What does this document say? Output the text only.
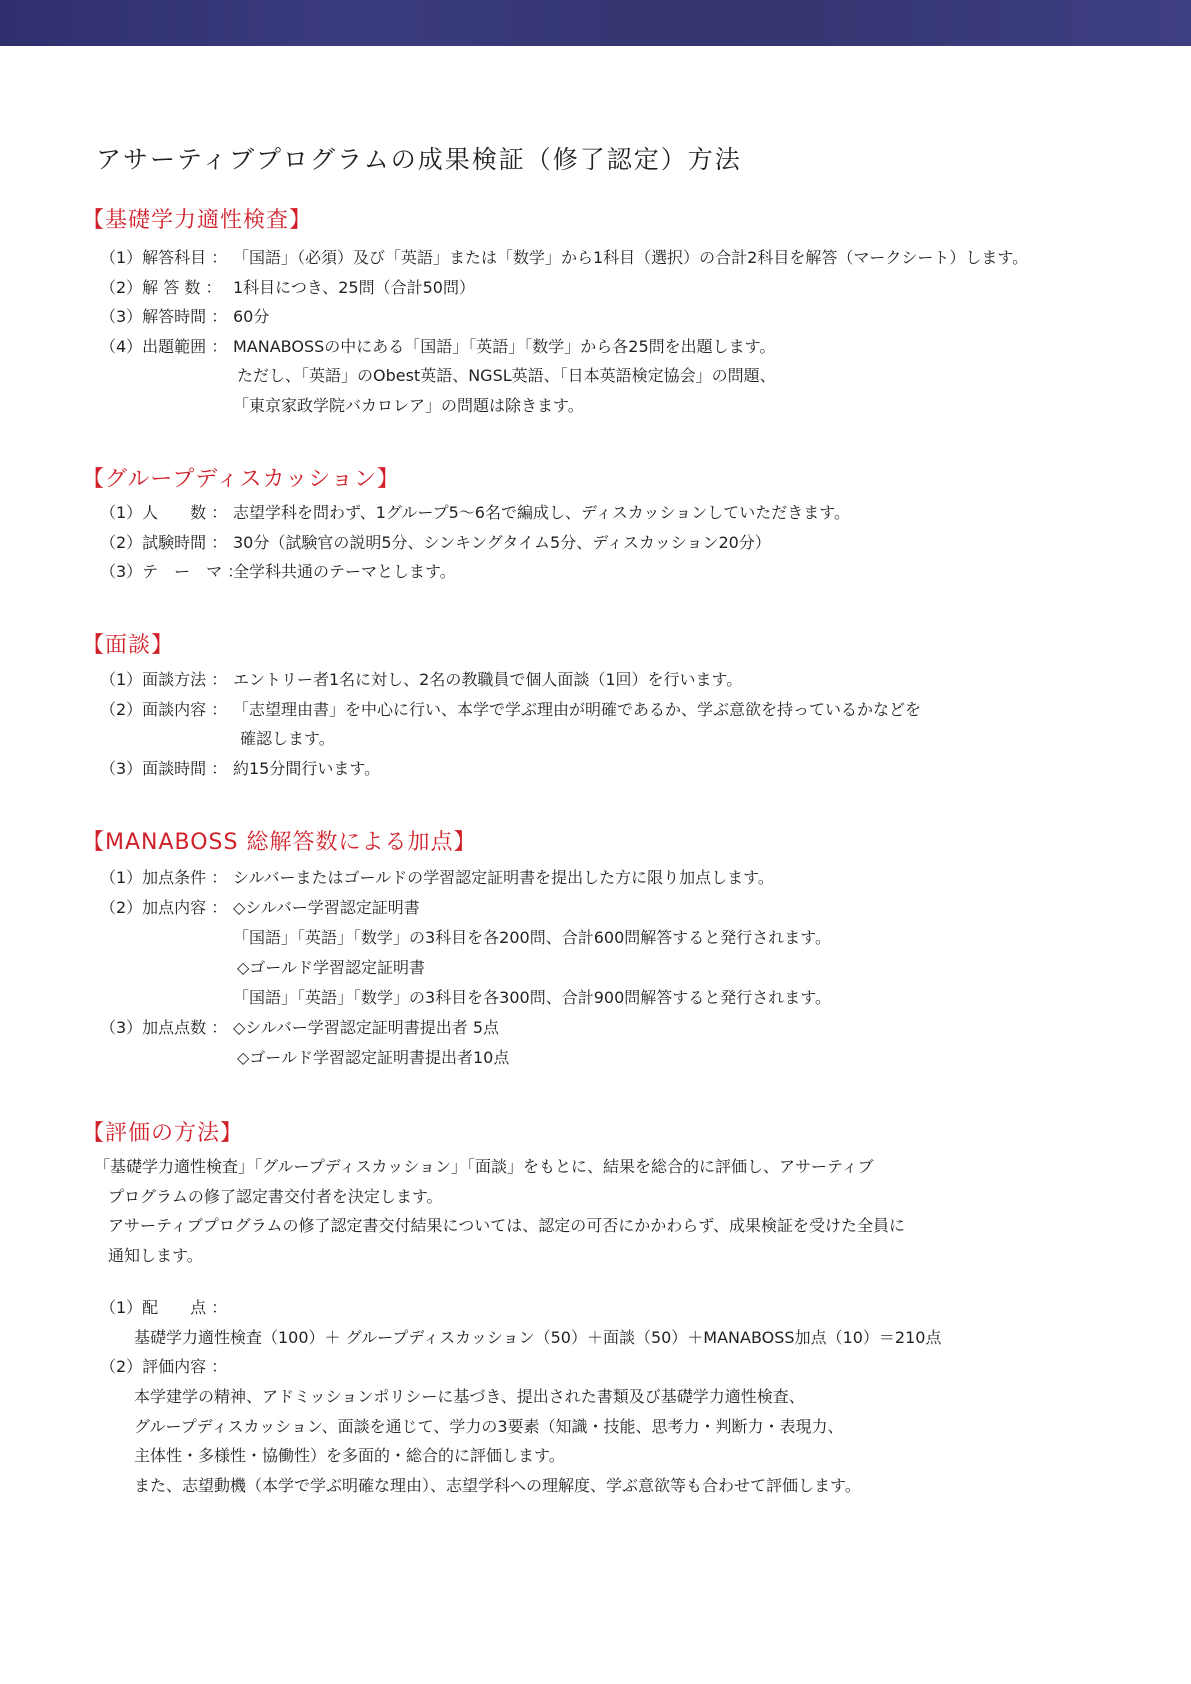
アサーティブプログラムの成果検証（修了認定）方法
【基礎学力適性検査】
（1）解答科目 ： 「国語」（必須）及び「英語」または「数学」から1科目（選択）の合計2科目を解答（マークシート）します。
（2）解 答 数 ： 1科目につき、25問（合計50問）
（3）解答時間 ： 60分
（4）出題範囲 ： MANABOSSの中にある「国語」「英語」「数学」から各25問を出題します。
ただし、「英語」のObest英語、NGSL英語、「日本英語検定協会」の問題、
「東京家政学院バカロレア」の問題は除きます。
【グループディスカッション】
（1）人　　数 ： 志望学科を問わず、1グループ5～6名で編成し、ディスカッションしていただきます。
（2）試験時間 ： 30分（試験官の説明5分、シンキングタイム5分、ディスカッション20分）
（3）テ　ー　マ ：
全学科共通のテーマとします。
【面談】
（1）面談方法 ： エントリー者1名に対し、2名の教職員で個人面談（1回）を行います。
（2）面談内容 ： 「志望理由書」を中心に行い、本学で学ぶ理由が明確であるか、学ぶ意欲を持っているかなどを
確認します。
（3）面談時間 ： 約15分間行います。
【MANABOSS 総解答数による加点】
（1）加点条件 ： シルバーまたはゴールドの学習認定証明書を提出した方に限り加点します。
（2）加点内容 ： ◇シルバー学習認定証明書
「国語」「英語」「数学」の3科目を各200問、合計600問解答すると発行されます。
◇ゴールド学習認定証明書
「国語」「英語」「数学」の3科目を各300問、合計900問解答すると発行されます。
（3）加点点数 ： ◇シルバー学習認定証明書提出者 5点
◇ゴールド学習認定証明書提出者10点
【評価の方法】
「基礎学力適性検査」「グループディスカッション」「面談」をもとに、結果を総合的に評価し、アサーティブ
プログラムの修了認定書交付者を決定します。
アサーティブプログラムの修了認定書交付結果については、認定の可否にかかわらず、成果検証を受けた全員に
通知します。
（1）配　　点 ：
基礎学力適性検査（100）＋ グループディスカッション（50）＋面談（50）＋MANABOSS加点（10）＝210点
（2）評価内容 ：
本学建学の精神、アドミッションポリシーに基づき、提出された書類及び基礎学力適性検査、
グループディスカッション、面談を通じて、学力の3要素（知識・技能、思考力・判断力・表現力、
主体性・多様性・協働性）を多面的・総合的に評価します。
また、志望動機（本学で学ぶ明確な理由）、志望学科への理解度、学ぶ意欲等も合わせて評価します。
